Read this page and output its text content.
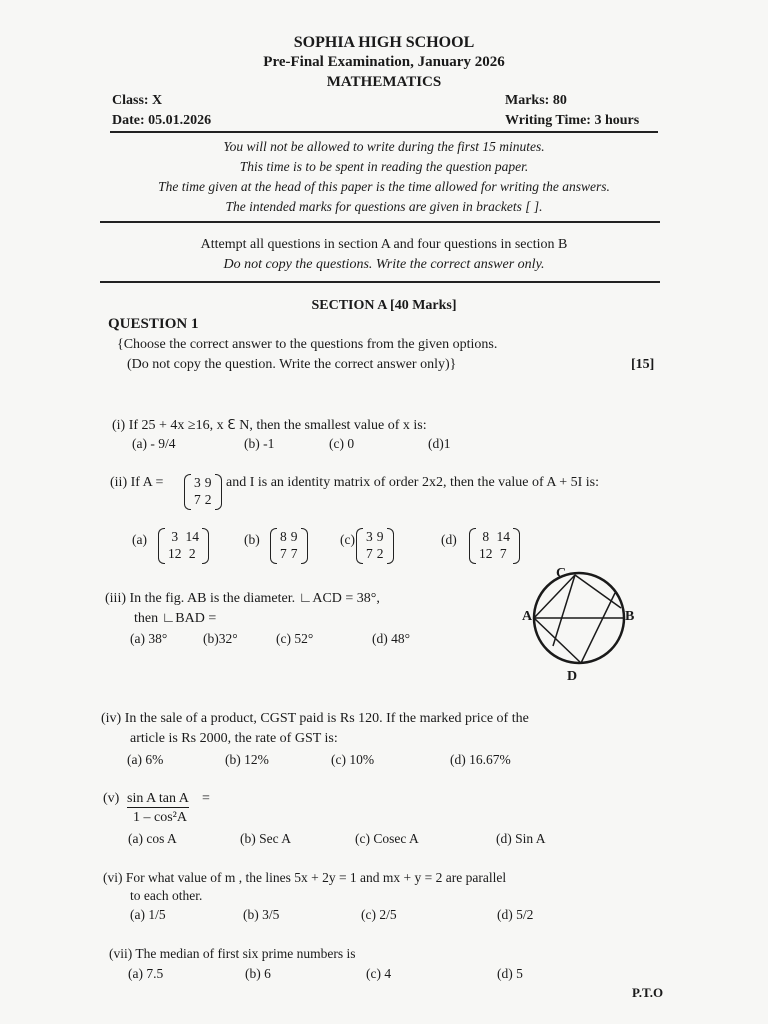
SOPHIA HIGH SCHOOL
Pre-Final Examination, January 2026
MATHEMATICS
Class: X	Marks: 80
Date: 05.01.2026	Writing Time: 3 hours
You will not be allowed to write during the first 15 minutes.
This time is to be spent in reading the question paper.
The time given at the head of this paper is the time allowed for writing the answers.
The intended marks for questions are given in brackets [ ].
Attempt all questions in section A and four questions in section B
Do not copy the questions. Write the correct answer only.
SECTION A [40 Marks]
QUESTION 1
{Choose the correct answer to the questions from the given options.
(Do not copy the question. Write the correct answer only)}	[15]
(i) If 25 + 4x ≥16, x ℇ N, then the smallest value of x is:
(a) - 9/4	(b) -1	(c) 0	(d)1
(ii) If A = 3	9
7	2
and I is an identity matrix of order 2x2, then the value of A + 5I is:
(a) 3	14
12	2
(b) 8	9
7	7
(c) 3	9
7	2
(d) 8	14
12	7
(iii) In the fig. AB is the diameter. ∟ACD = 38°,
then ∟BAD =
(a) 38°	(b)32°	(c) 52°	(d) 48°
C
A	B
D
(iv) In the sale of a product, CGST paid is Rs 120. If the marked price of the
article is Rs 2000, the rate of GST is:
(a) 6%	(b) 12%	(c) 10%	(d) 16.67%
(v) sin A tan A =
1 – cos²A
(a) cos A	(b) Sec A	(c) Cosec A	(d) Sin A
(vi) For what value of m , the lines 5x + 2y = 1 and mx + y = 2 are parallel
to each other.
(a) 1/5	(b) 3/5	(c) 2/5	(d) 5/2
(vii) The median of first six prime numbers is
(a) 7.5	(b) 6	(c) 4	(d) 5
P.T.O
